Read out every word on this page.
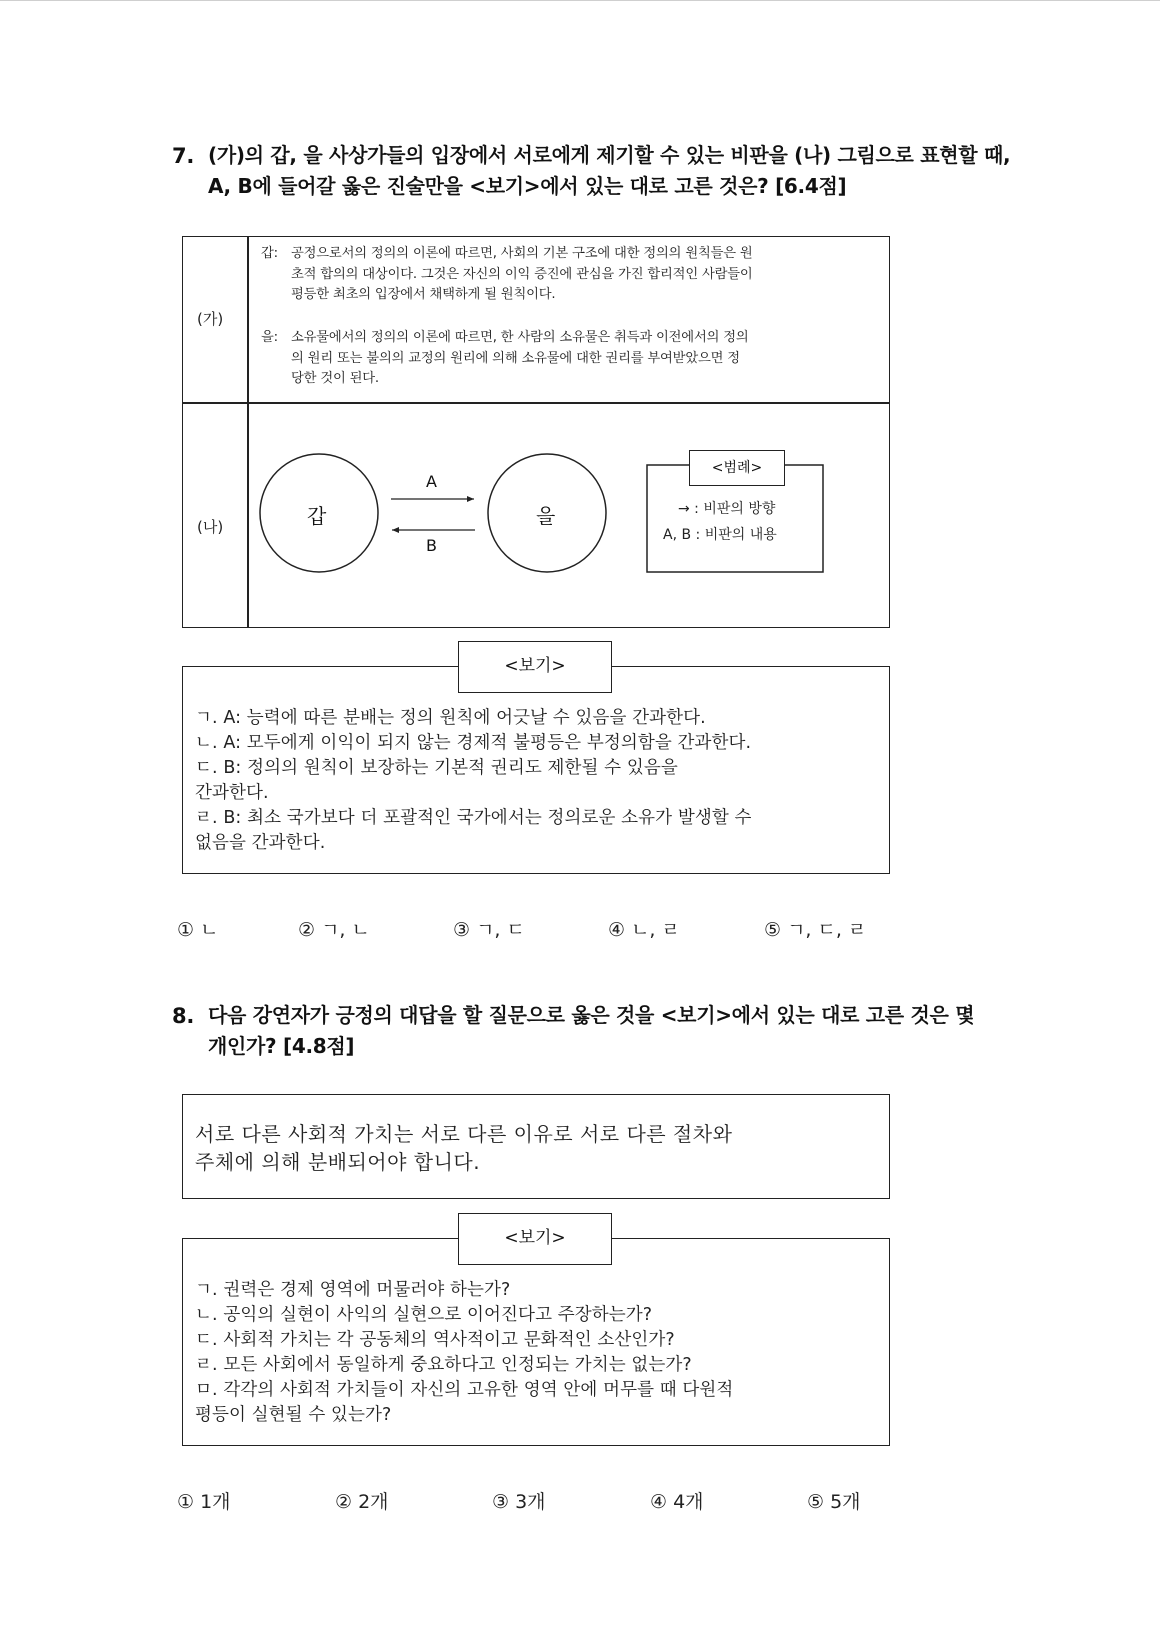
7. (가)의 갑, 을 사상가들의 입장에서 서로에게 제기할 수 있는 비판을 (나) 그림으로 표현할 때,
A, B에 들어갈 옳은 진술만을 <보기>에서 있는 대로 고른 것은? [6.4점]
(가)
(나)
갑: 공정으로서의 정의의 이론에 따르면, 사회의 기본 구조에 대한 정의의 원칙들은 원
초적 합의의 대상이다. 그것은 자신의 이익 증진에 관심을 가진 합리적인 사람들이
평등한 최초의 입장에서 채택하게 될 원칙이다.
을: 소유물에서의 정의의 이론에 따르면, 한 사람의 소유물은 취득과 이전에서의 정의
의 원리 또는 불의의 교정의 원리에 의해 소유물에 대한 권리를 부여받았으면 정
당한 것이 된다.
갑	을
A
B
<범례>
→ : 비판의 방향
A, B : 비판의 내용
<보기>
ㄱ. A: 능력에 따른 분배는 정의 원칙에 어긋날 수 있음을 간과한다.
ㄴ. A: 모두에게 이익이 되지 않는 경제적 불평등은 부정의함을 간과한다.
ㄷ. B: 정의의 원칙이 보장하는 기본적 권리도 제한될 수 있음을
간과한다.
ㄹ. B: 최소 국가보다 더 포괄적인 국가에서는 정의로운 소유가 발생할 수
없음을 간과한다.
① ㄴ	② ㄱ, ㄴ	③ ㄱ, ㄷ	④ ㄴ, ㄹ	⑤ ㄱ, ㄷ, ㄹ
8. 다음 강연자가 긍정의 대답을 할 질문으로 옳은 것을 <보기>에서 있는 대로 고른 것은 몇
개인가? [4.8점]
서로 다른 사회적 가치는 서로 다른 이유로 서로 다른 절차와
주체에 의해 분배되어야 합니다.
<보기>
ㄱ. 권력은 경제 영역에 머물러야 하는가?
ㄴ. 공익의 실현이 사익의 실현으로 이어진다고 주장하는가?
ㄷ. 사회적 가치는 각 공동체의 역사적이고 문화적인 소산인가?
ㄹ. 모든 사회에서 동일하게 중요하다고 인정되는 가치는 없는가?
ㅁ. 각각의 사회적 가치들이 자신의 고유한 영역 안에 머무를 때 다원적
평등이 실현될 수 있는가?
① 1개	② 2개	③ 3개	④ 4개	⑤ 5개
